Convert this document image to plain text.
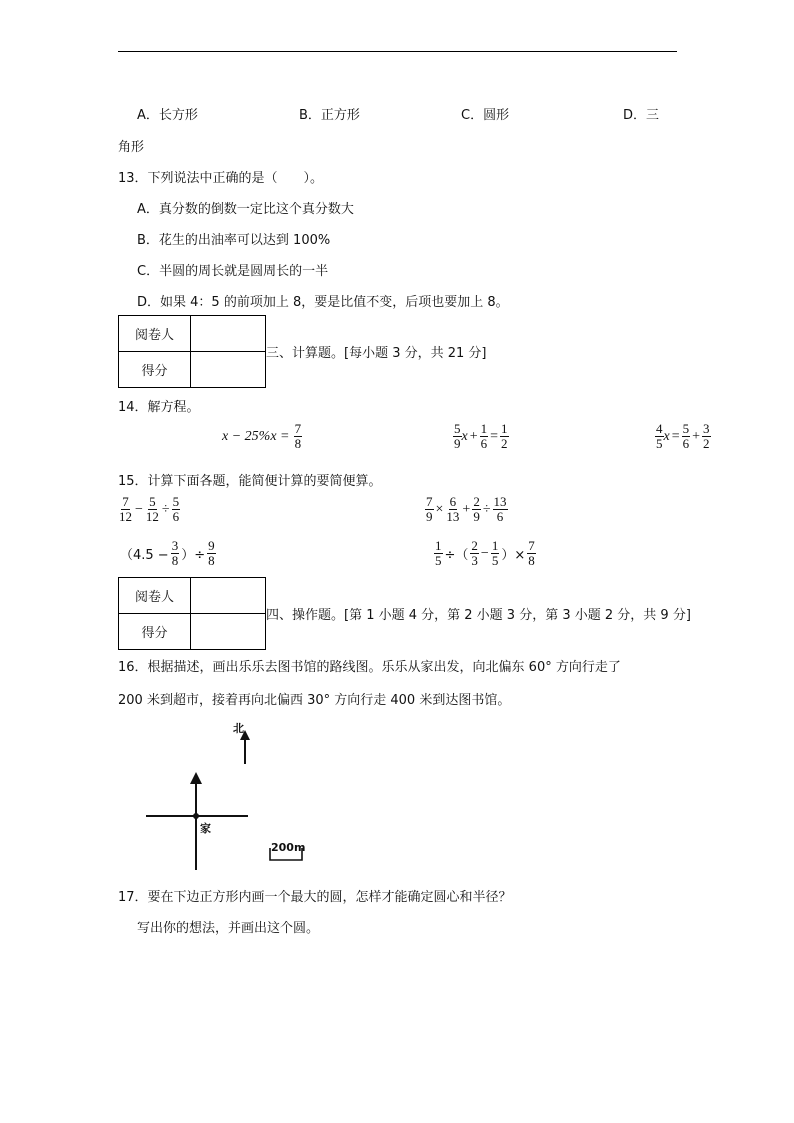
A．长方形	B．正方形	C．圆形	D．三
角形
13．下列说法中正确的是（　　）。
A．真分数的倒数一定比这个真分数大
B．花生的出油率可以达到 100%
C．半圆的周长就是圆周长的一半
D．如果 4：5 的前项加上 8，要是比值不变，后项也要加上 8。
阅卷人	
得分	
三、计算题。[每小题 3 分，共 21 分]
14．解方程。
$x - 25\%x = \frac{7}{8}$	$\frac{5}{9}$ $x + \frac{1}{6} = \frac{1}{2}$	$\frac{4}{5}$ $x = \frac{5}{6} + \frac{3}{2}$
15．计算下面各题，能简便计算的要简便算。
$\frac{7}{12} - \frac{5}{12} \div \frac{5}{6}$	$\frac{7}{9} \times \frac{6}{13} + \frac{2}{9} \div \frac{13}{6}$
（$4.5 - \frac{3}{8}$ ）÷ $\frac{9}{8}$	$\frac{1}{5}$ ÷（ $\frac{2}{3} - \frac{1}{5}$ ）× $\frac{7}{8}$
阅卷人	
得分	
四、操作题。[第 1 小题 4 分，第 2 小题 3 分，第 3 小题 2 分，共 9 分]
16．根据描述，画出乐乐去图书馆的路线图。乐乐从家出发，向北偏东 60° 方向行走了
200 米到超市，接着再向北偏西 30° 方向行走 400 米到达图书馆。
北
家
200m
17．要在下边正方形内画一个最大的圆，怎样才能确定圆心和半径？
写出你的想法，并画出这个圆。
